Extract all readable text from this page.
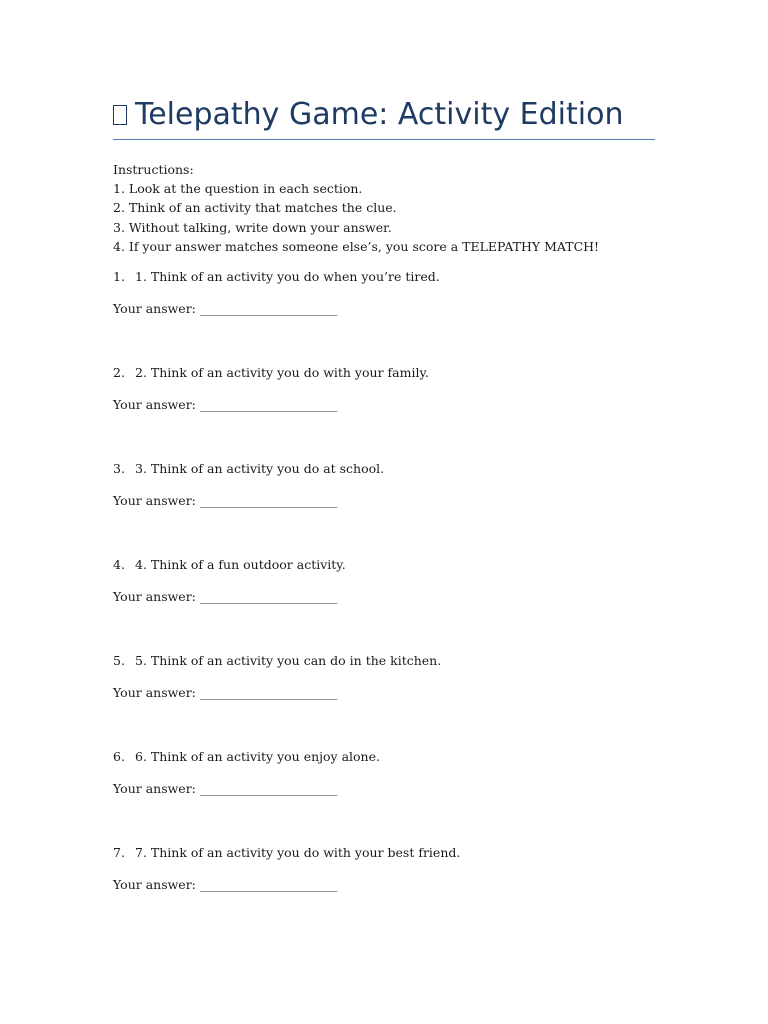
Telepathy Game: Activity Edition
Instructions:
1. Look at the question in each section.
2. Think of an activity that matches the clue.
3. Without talking, write down your answer.
4. If your answer matches someone else’s, you score a TELEPATHY MATCH!
1. 1. Think of an activity you do when you’re tired.
Your answer: ______________________
2. 2. Think of an activity you do with your family.
Your answer: ______________________
3. 3. Think of an activity you do at school.
Your answer: ______________________
4. 4. Think of a fun outdoor activity.
Your answer: ______________________
5. 5. Think of an activity you can do in the kitchen.
Your answer: ______________________
6. 6. Think of an activity you enjoy alone.
Your answer: ______________________
7. 7. Think of an activity you do with your best friend.
Your answer: ______________________
